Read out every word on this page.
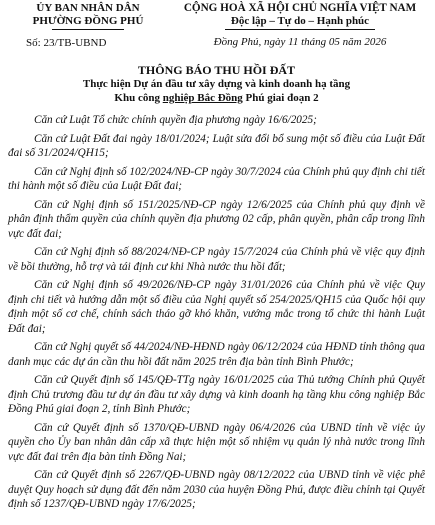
ỦY BAN NHÂN DÂN
PHƯỜNG ĐỒNG PHÚ
Số: 23/TB-UBND
CỘNG HOÀ XÃ HỘI CHỦ NGHĨA VIỆT NAM
Độc lập – Tự do – Hạnh phúc
Đồng Phú, ngày 11 tháng 05 năm 2026
THÔNG BÁO THU HỒI ĐẤT
Thực hiện Dự án đầu tư xây dựng và kinh doanh hạ tầng
Khu công nghiệp Bắc Đồng Phú giai đoạn 2

Căn cứ Luật Tổ chức chính quyền địa phương ngày 16/6/2025;

Căn cứ Luật Đất đai ngày 18/01/2024; Luật sửa đổi bổ sung một số điều của Luật Đất đai số 31/2024/QH15;

Căn cứ Nghị định số 102/2024/NĐ-CP ngày 30/7/2024 của Chính phủ quy định chi tiết thi hành một số điều của Luật Đất đai;

Căn cứ Nghị định số 151/2025/NĐ-CP ngày 12/6/2025 của Chính phủ quy định về phân định thẩm quyền của chính quyền địa phương 02 cấp, phân quyền, phân cấp trong lĩnh vực đất đai;

Căn cứ Nghị định số 88/2024/NĐ-CP ngày 15/7/2024 của Chính phủ về việc quy định về bồi thường, hỗ trợ và tái định cư khi Nhà nước thu hồi đất;

Căn cứ Nghị định số 49/2026/NĐ-CP ngày 31/01/2026 của Chính phủ về việc Quy định chi tiết và hướng dẫn một số điều của Nghị quyết số 254/2025/QH15 của Quốc hội quy định một số cơ chế, chính sách tháo gỡ khó khăn, vướng mắc trong tổ chức thi hành Luật Đất đai;

Căn cứ Nghị quyết số 44/2024/NĐ-HĐND ngày 06/12/2024 của HĐND tỉnh thông qua danh mục các dự án cần thu hồi đất năm 2025 trên địa bàn tỉnh Bình Phước;

Căn cứ Quyết định số 145/QĐ-TTg ngày 16/01/2025 của Thủ tướng Chính phủ Quyết định Chủ trương đầu tư dự án đầu tư xây dựng và kinh doanh hạ tầng khu công nghiệp Bắc Đồng Phú giai đoạn 2, tỉnh Bình Phước;

Căn cứ Quyết định số 1370/QĐ-UBND ngày 06/4/2026 của UBND tỉnh về việc ủy quyền cho Ủy ban nhân dân cấp xã thực hiện một số nhiệm vụ quản lý nhà nước trong lĩnh vực đất đai trên địa bàn tỉnh Đồng Nai;

Căn cứ Quyết định số 2267/QĐ-UBND ngày 08/12/2022 của UBND tỉnh về việc phê duyệt Quy hoạch sử dụng đất đến năm 2030 của huyện Đồng Phú, được điều chỉnh tại Quyết định số 1237/QĐ-UBND ngày 17/6/2025;
